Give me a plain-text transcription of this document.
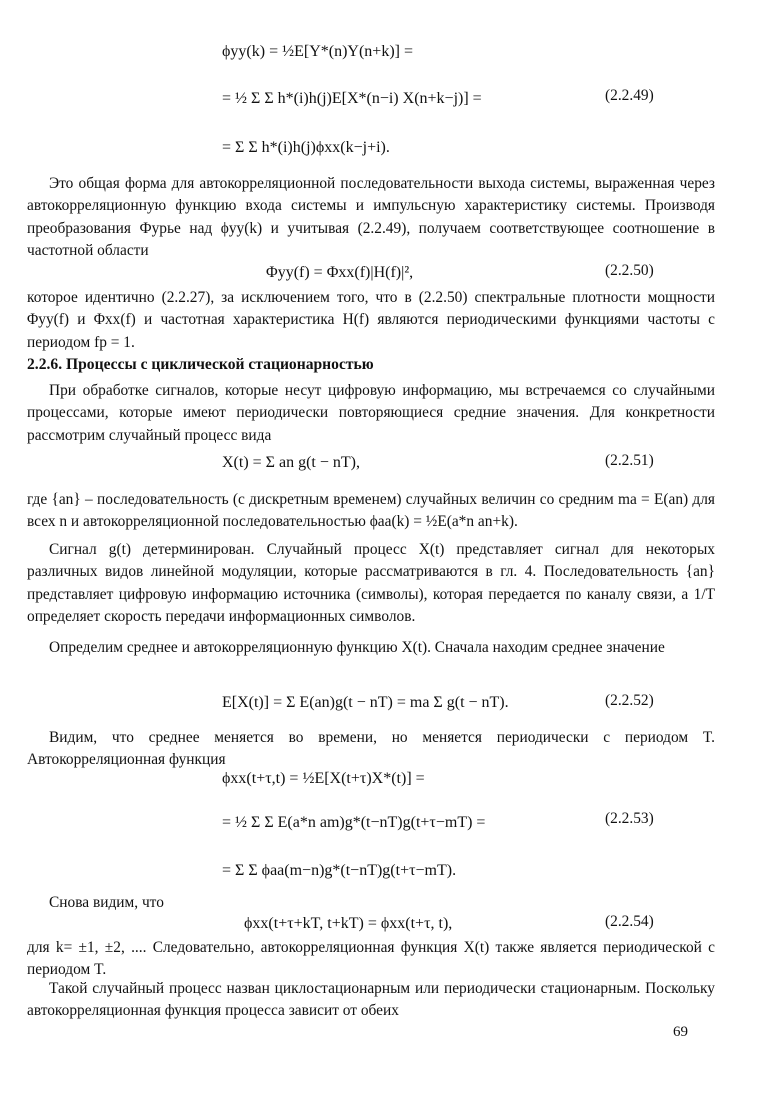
ϕyy(k) = ½E[Y*(n)Y(n+k)] =
= ½ Σ Σ h*(i)h(j)E[X*(n−i) X(n+k−j)] =
= Σ Σ h*(i)h(j)ϕxx(k−j+i).
(2.2.49)

Это общая форма для автокорреляционной последовательности выхода системы, выраженная через автокорреляционную функцию входа системы и импульсную характеристику системы. Производя преобразования Фурье над ϕyy(k) и учитывая (2.2.49), получаем соответствующее соотношение в частотной области

Φyy(f) = Φxx(f)|H(f)|²,	(2.2.50)

которое идентично (2.2.27), за исключением того, что в (2.2.50) спектральные плотности мощности Φyy(f) и Φxx(f) и частотная характеристика H(f) являются периодическими функциями частоты с периодом fp = 1.

2.2.6. Процессы с циклической стационарностью

При обработке сигналов, которые несут цифровую информацию, мы встречаемся со случайными процессами, которые имеют периодически повторяющиеся средние значения. Для конкретности рассмотрим случайный процесс вида

X(t) = Σ an g(t − nT),	(2.2.51)

где {an} – последовательность (с дискретным временем) случайных величин со средним ma = E(an) для всех n и автокорреляционной последовательностью ϕaa(k) = ½E(a*n an+k).

Сигнал g(t) детерминирован. Случайный процесс X(t) представляет сигнал для некоторых различных видов линейной модуляции, которые рассматриваются в гл. 4. Последовательность {an} представляет цифровую информацию источника (символы), которая передается по каналу связи, а 1/T определяет скорость передачи информационных символов.

Определим среднее и автокорреляционную функцию X(t). Сначала находим среднее значение

E[X(t)] = Σ E(an)g(t − nT) = ma Σ g(t − nT).	(2.2.52)

Видим, что среднее меняется во времени, но меняется периодически с периодом T. Автокорреляционная функция

ϕxx(t+τ,t) = ½E[X(t+τ)X*(t)] =
= ½ Σ Σ E(a*n am)g*(t−nT)g(t+τ−mT) =
= Σ Σ ϕaa(m−n)g*(t−nT)g(t+τ−mT).
(2.2.53)

Снова видим, что

ϕxx(t+τ+kT, t+kT) = ϕxx(t+τ, t),	(2.2.54)

для k= ±1, ±2, .... Следовательно, автокорреляционная функция X(t) также является периодической с периодом T.

Такой случайный процесс назван циклостационарным или периодически стационарным. Поскольку автокорреляционная функция процесса зависит от обеих

69
